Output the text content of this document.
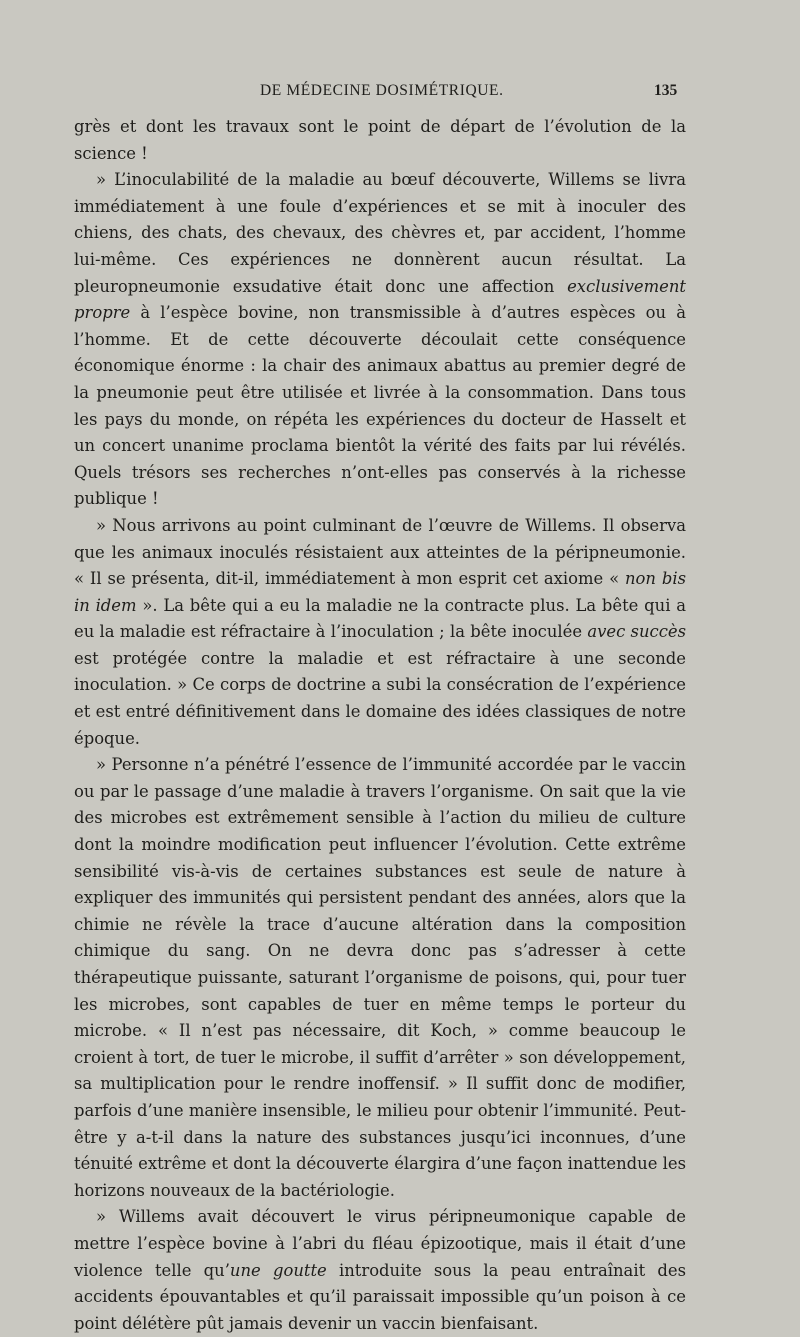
DE MÉDECINE DOSIMÉTRIQUE.	135

grès et dont les travaux sont le point de départ de l’évolution de la science !

» L’inoculabilité de la maladie au bœuf découverte, Willems se livra immédiatement à une foule d’expériences et se mit à inoculer des chiens, des chats, des chevaux, des chèvres et, par accident, l’homme lui-même. Ces expériences ne donnèrent aucun résultat. La pleuropneumonie exsudative était donc une affection exclusivement propre à l’espèce bovine, non transmissible à d’autres espèces ou à l’homme. Et de cette découverte découlait cette conséquence économique énorme : la chair des animaux abattus au premier degré de la pneumonie peut être utilisée et livrée à la consommation. Dans tous les pays du monde, on répéta les expériences du docteur de Hasselt et un concert unanime proclama bientôt la vérité des faits par lui révélés. Quels trésors ses recherches n’ont-elles pas conservés à la richesse publique !

» Nous arrivons au point culminant de l’œuvre de Willems. Il observa que les animaux inoculés résistaient aux atteintes de la péripneumonie. « Il se présenta, dit-il, immédiatement à mon esprit cet axiome « non bis in idem ». La bête qui a eu la maladie ne la contracte plus. La bête qui a eu la maladie est réfractaire à l’inoculation ; la bête inoculée avec succès est protégée contre la maladie et est réfractaire à une seconde inoculation. » Ce corps de doctrine a subi la consécration de l’expérience et est entré définitivement dans le domaine des idées classiques de notre époque.

» Personne n’a pénétré l’essence de l’immunité accordée par le vaccin ou par le passage d’une maladie à travers l’organisme. On sait que la vie des microbes est extrêmement sensible à l’action du milieu de culture dont la moindre modification peut influencer l’évolution. Cette extrême sensibilité vis-à-vis de certaines substances est seule de nature à expliquer des immunités qui persistent pendant des années, alors que la chimie ne révèle la trace d’aucune altération dans la composition chimique du sang. On ne devra donc pas s’adresser à cette thérapeutique puissante, saturant l’organisme de poisons, qui, pour tuer les microbes, sont capables de tuer en même temps le porteur du microbe. « Il n’est pas nécessaire, dit Koch, » comme beaucoup le croient à tort, de tuer le microbe, il suffit d’arrêter » son développement, sa multiplication pour le rendre inoffensif. » Il suffit donc de modifier, parfois d’une manière insensible, le milieu pour obtenir l’immunité. Peut-être y a-t-il dans la nature des substances jusqu’ici inconnues, d’une ténuité extrême et dont la découverte élargira d’une façon inattendue les horizons nouveaux de la bactériologie.

» Willems avait découvert le virus péripneumonique capable de mettre l’espèce bovine à l’abri du fléau épizootique, mais il était d’une violence telle qu’une goutte introduite sous la peau entraînait des accidents épouvantables et qu’il paraissait impossible qu’un poison à ce point délétère pût jamais devenir un vaccin bienfaisant.
